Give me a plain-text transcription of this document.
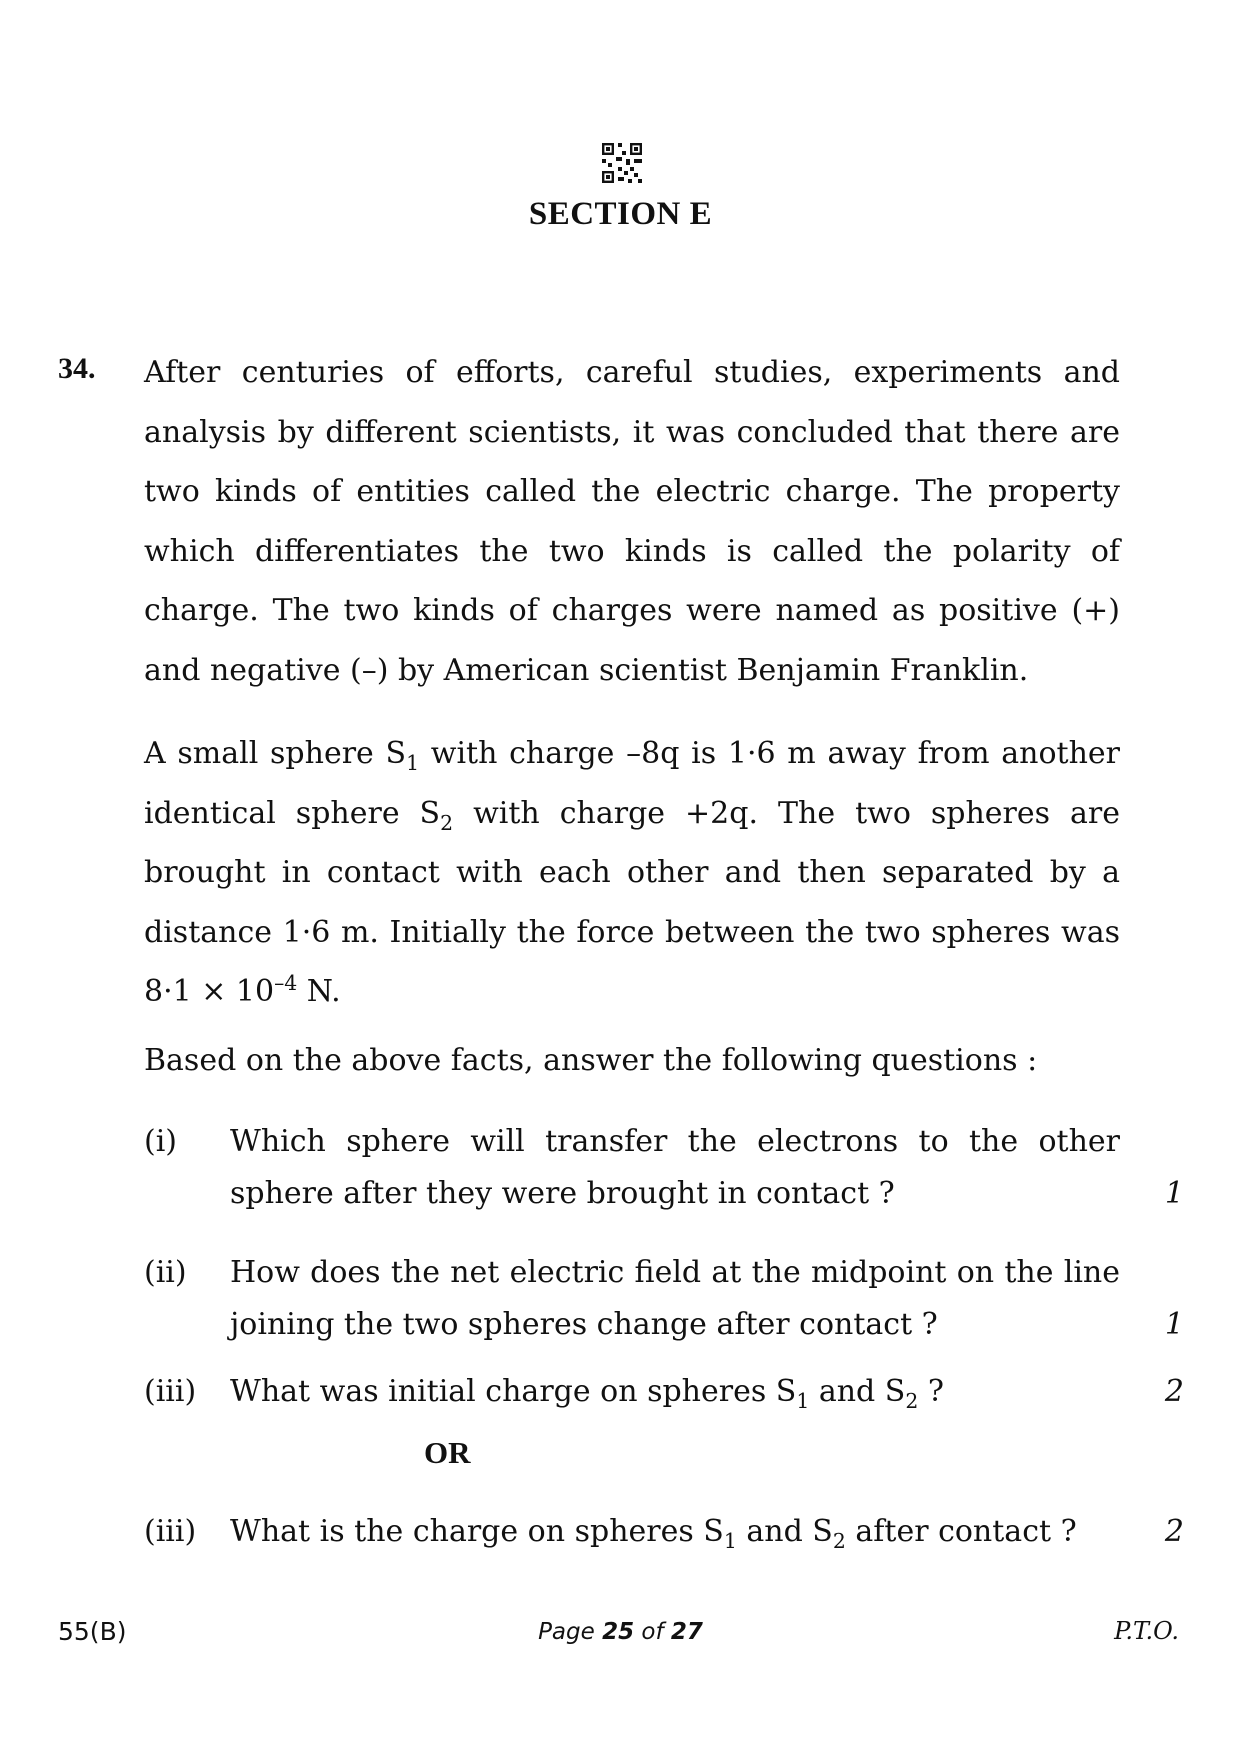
SECTION E
34. After centuries of efforts, careful studies, experiments and analysis by different scientists, it was concluded that there are two kinds of entities called the electric charge. The property which differentiates the two kinds is called the polarity of charge. The two kinds of charges were named as positive (+) and negative (–) by American scientist Benjamin Franklin.

A small sphere $S_1$ with charge –8q is 1·6 m away from another identical sphere $S_2$ with charge +2q. The two spheres are brought in contact with each other and then separated by a distance 1·6 m. Initially the force between the two spheres was $8\cdot 1 \times 10^{-4}$ N.

Based on the above facts, answer the following questions :

(i)	Which sphere will transfer the electrons to the other sphere after they were brought in contact ?	1
(ii)	How does the net electric field at the midpoint on the line joining the two spheres change after contact ?	1
(iii)	What was initial charge on spheres $S_1$ and $S_2$ ?	2
OR
(iii)	What is the charge on spheres $S_1$ and $S_2$ after contact ?	2
55(B)	Page 25 of 27	P.T.O.
